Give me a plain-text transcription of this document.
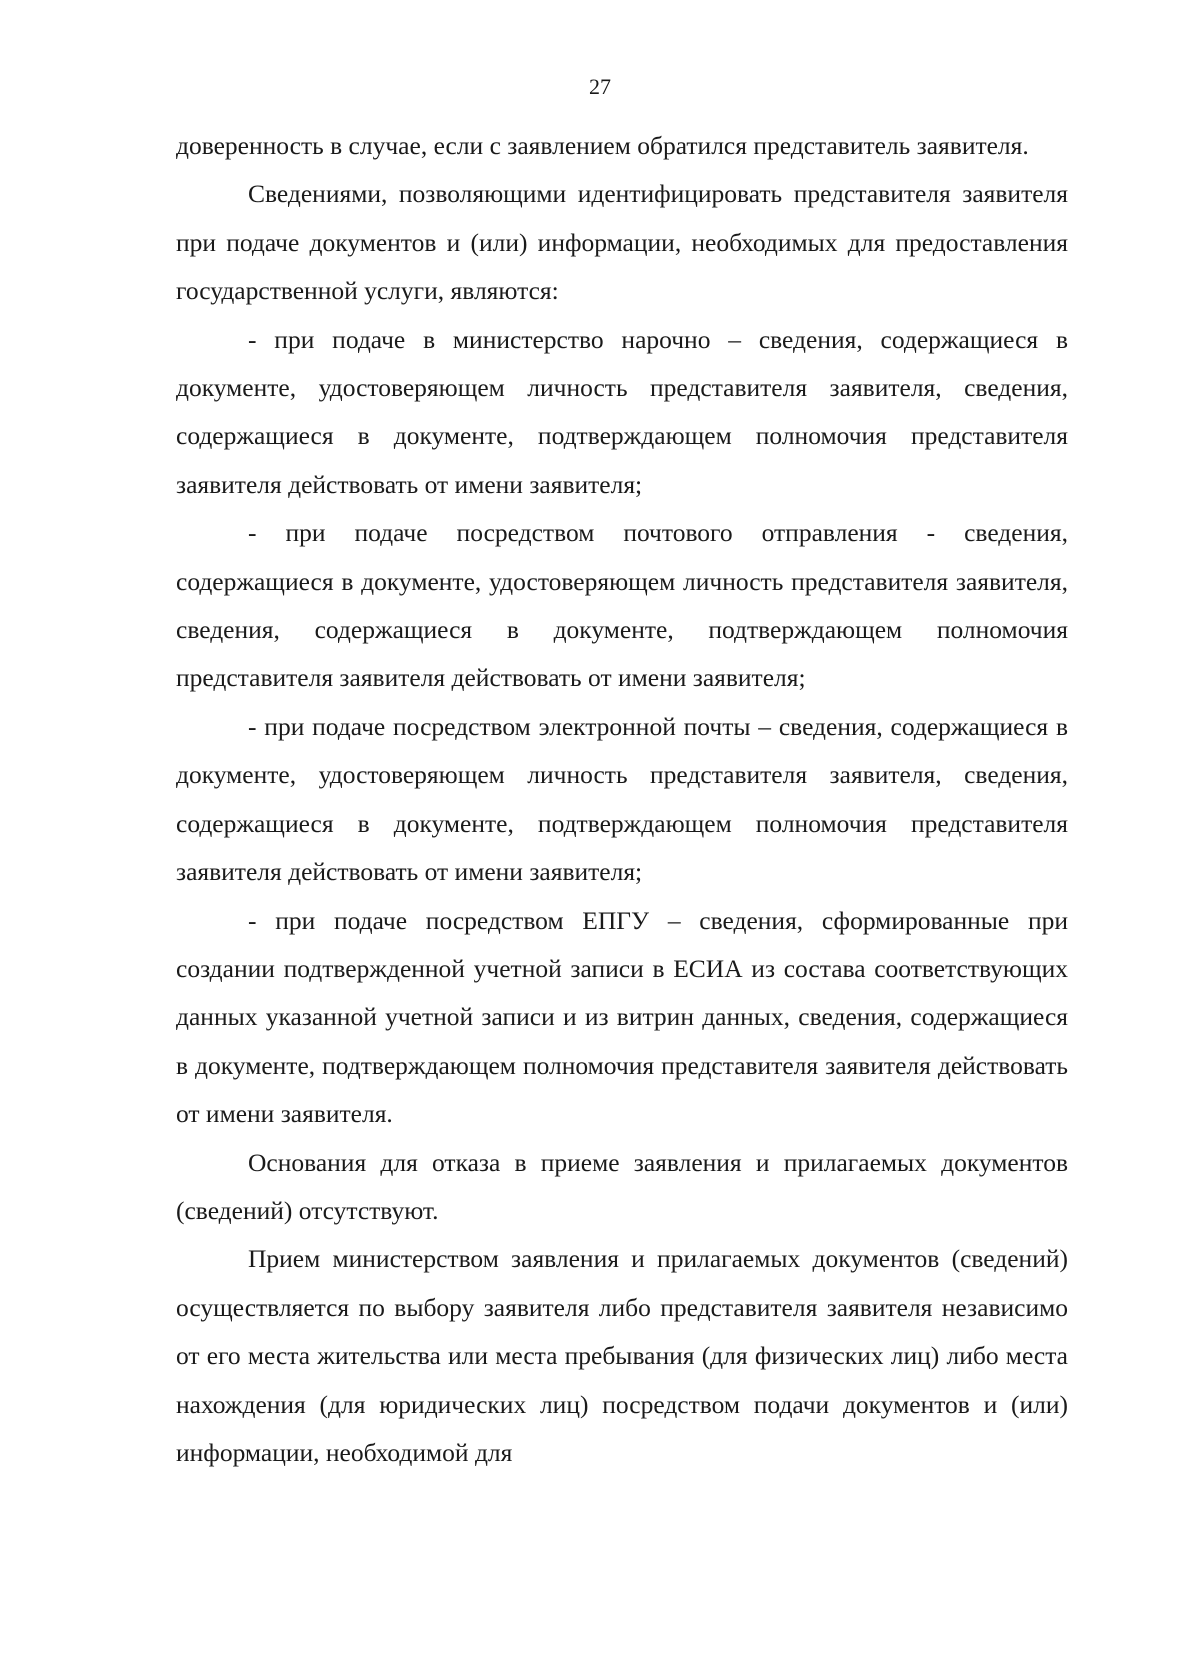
27

доверенность в случае, если с заявлением обратился представитель заявителя.

Сведениями, позволяющими идентифицировать представителя заявителя при подаче документов и (или) информации, необходимых для предоставления государственной услуги, являются:

- при подаче в министерство нарочно – сведения, содержащиеся в документе, удостоверяющем личность представителя заявителя, сведения, содержащиеся в документе, подтверждающем полномочия представителя заявителя действовать от имени заявителя;

- при подаче посредством почтового отправления - сведения, содержащиеся в документе, удостоверяющем личность представителя заявителя, сведения, содержащиеся в документе, подтверждающем полномочия представителя заявителя действовать от имени заявителя;

- при подаче посредством электронной почты – сведения, содержащиеся в документе, удостоверяющем личность представителя заявителя, сведения, содержащиеся в документе, подтверждающем полномочия представителя заявителя действовать от имени заявителя;

- при подаче посредством ЕПГУ – сведения, сформированные при создании подтвержденной учетной записи в ЕСИА из состава соответствующих данных указанной учетной записи и из витрин данных, сведения, содержащиеся в документе, подтверждающем полномочия представителя заявителя действовать от имени заявителя.

Основания для отказа в приеме заявления и прилагаемых документов (сведений) отсутствуют.

Прием министерством заявления и прилагаемых документов (сведений) осуществляется по выбору заявителя либо представителя заявителя независимо от его места жительства или места пребывания (для физических лиц) либо места нахождения (для юридических лиц) посредством подачи документов и (или) информации, необходимой для
